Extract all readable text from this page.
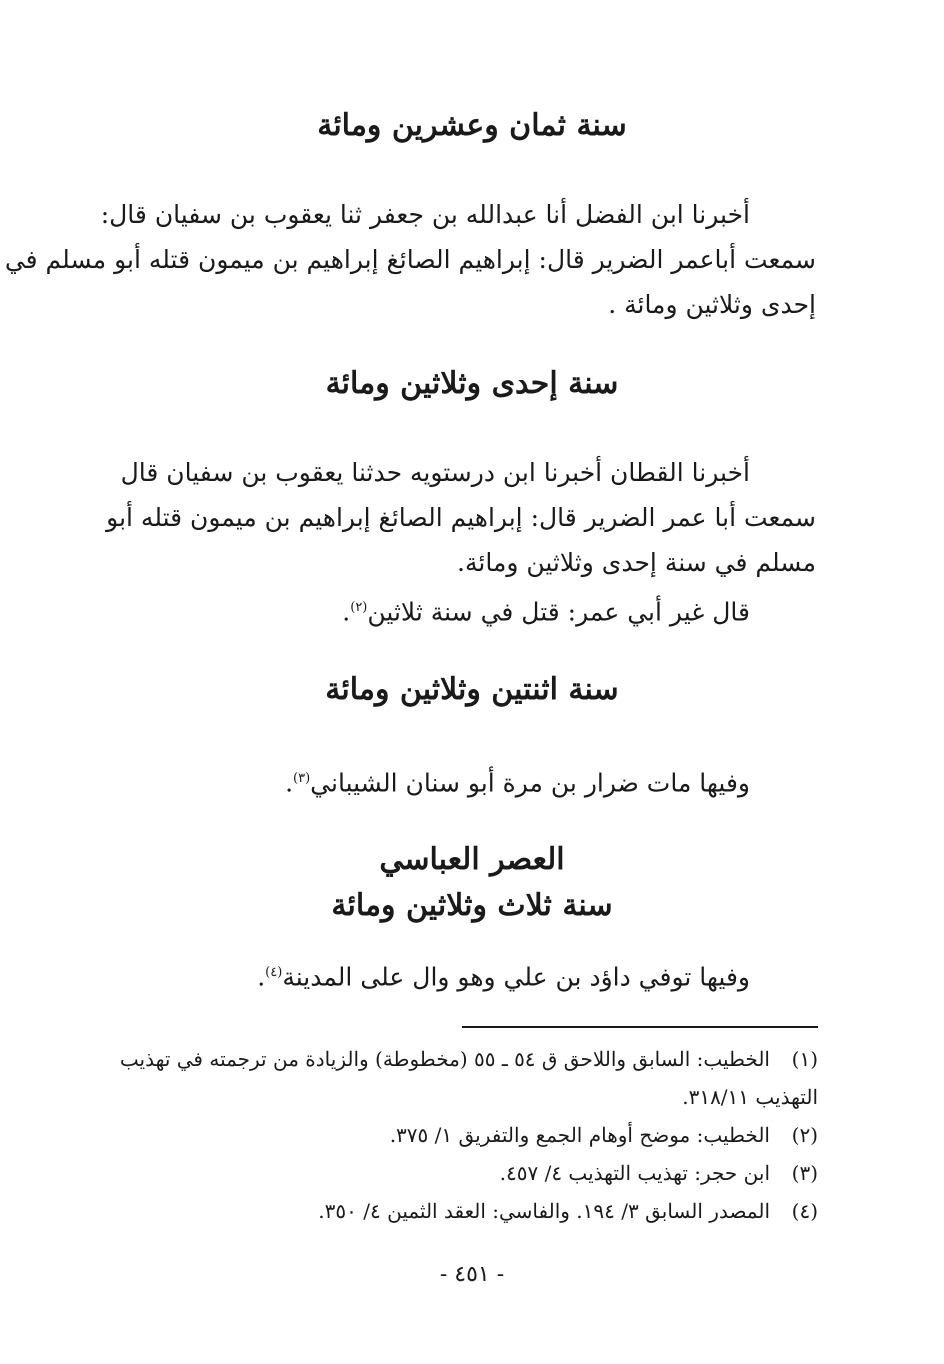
سنة ثمان وعشرين ومائة

أخبرنا ابن الفضل أنا عبدالله بن جعفر ثنا يعقوب بن سفيان قال:
سمعت أباعمر الضرير قال: إبراهيم الصائغ إبراهيم بن ميمون قتله أبو مسلم في
إحدى وثلاثين ومائة .

سنة إحدى وثلاثين ومائة

أخبرنا القطان أخبرنا ابن درستويه حدثنا يعقوب بن سفيان قال
سمعت أبا عمر الضرير قال: إبراهيم الصائغ إبراهيم بن ميمون قتله أبو
مسلم في سنة إحدى وثلاثين ومائة.
قال غير أبي عمر: قتل في سنة ثلاثين$^{(٢)}$.

سنة اثنتين وثلاثين ومائة

وفيها مات ضرار بن مرة أبو سنان الشيباني$^{(٣)}$.

العصر العباسي
سنة ثلاث وثلاثين ومائة

وفيها توفي داؤد بن علي وهو وال على المدينة$^{(٤)}$.

(١)الخطيب: السابق واللاحق ق ٥٤ ـ ٥٥ (مخطوطة) والزيادة من ترجمته في تهذيب
التهذيب ٣١٨/١١.
(٢)الخطيب: موضح أوهام الجمع والتفريق ١/ ٣٧٥.
(٣)ابن حجر: تهذيب التهذيب ٤/ ٤٥٧.
(٤)المصدر السابق ٣/ ١٩٤. والفاسي: العقد الثمين ٤/ ٣٥٠.
- ٤٥١ -
